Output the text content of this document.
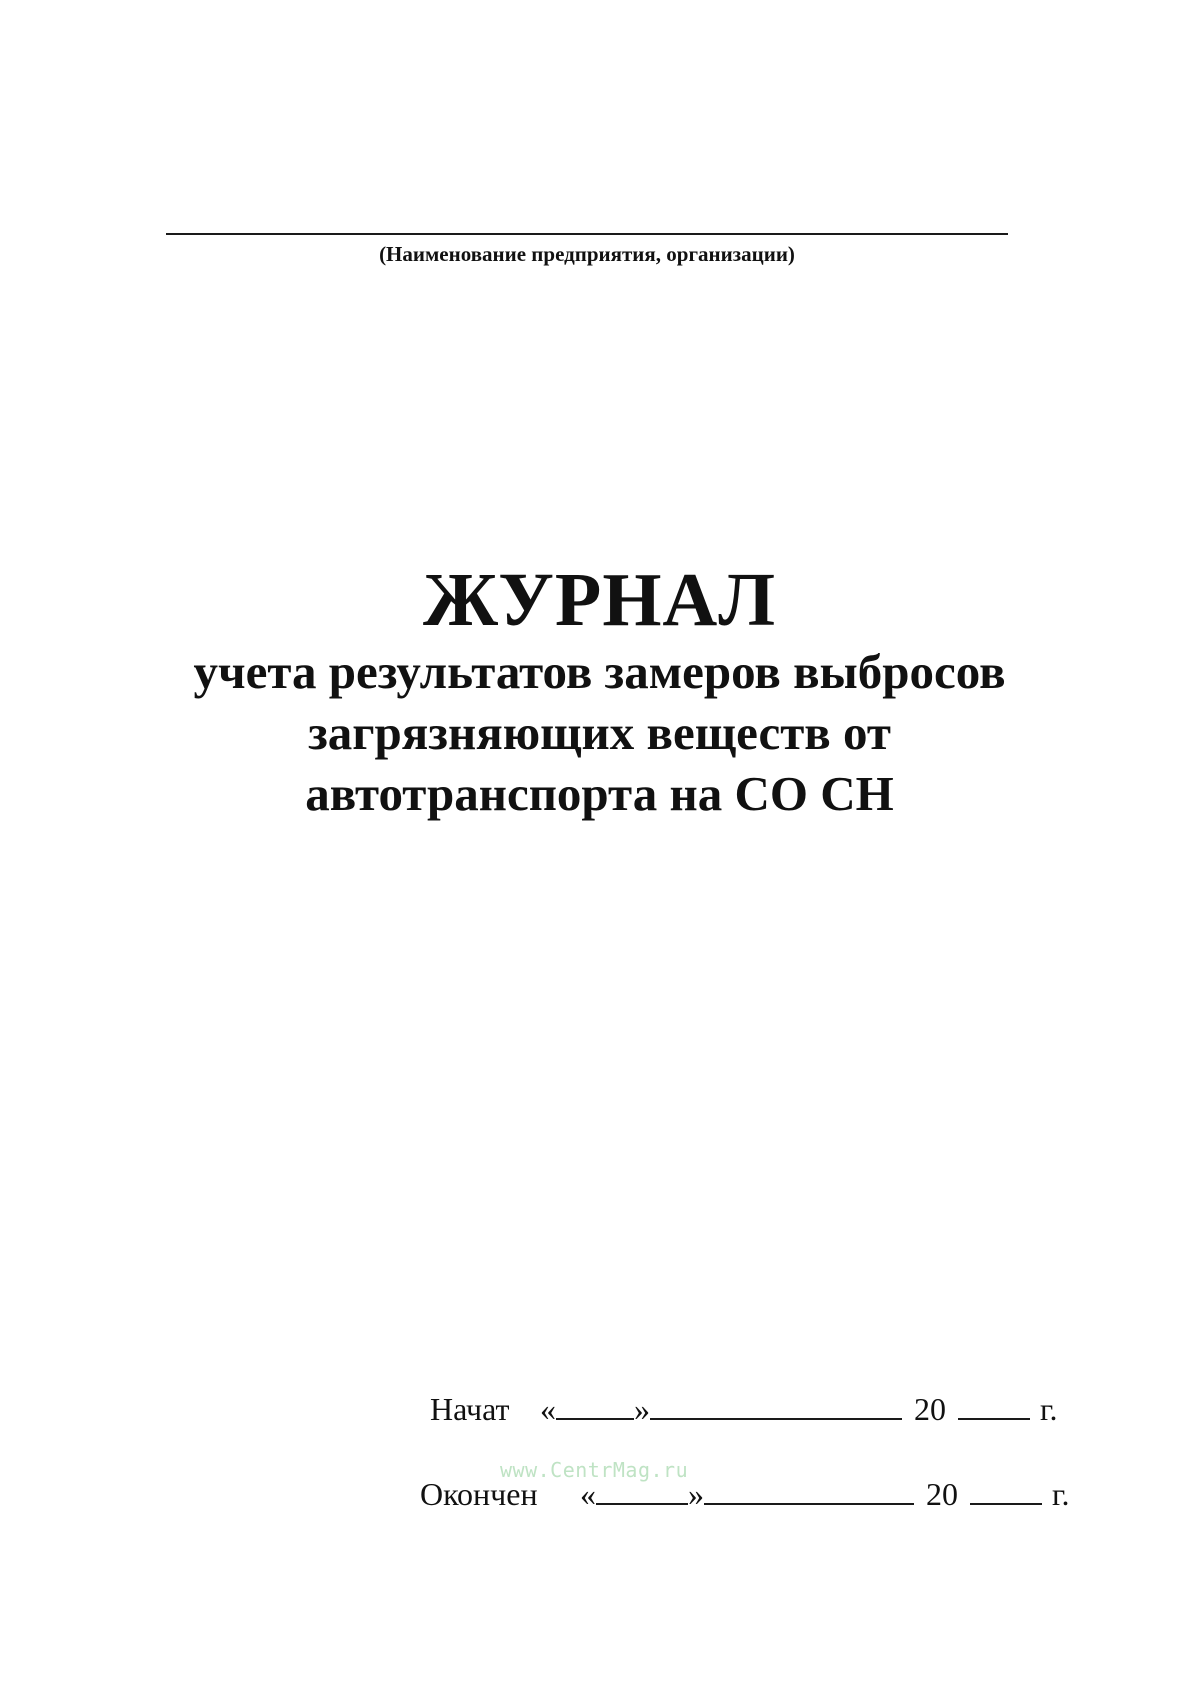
(Наименование предприятия, организации)
ЖУРНАЛ
учета результатов замеров выбросов
загрязняющих веществ от
автотранспорта на СО СН
Начат « »	20	г.
Окончен «	»	20	г.
www.CentrMag.ru
